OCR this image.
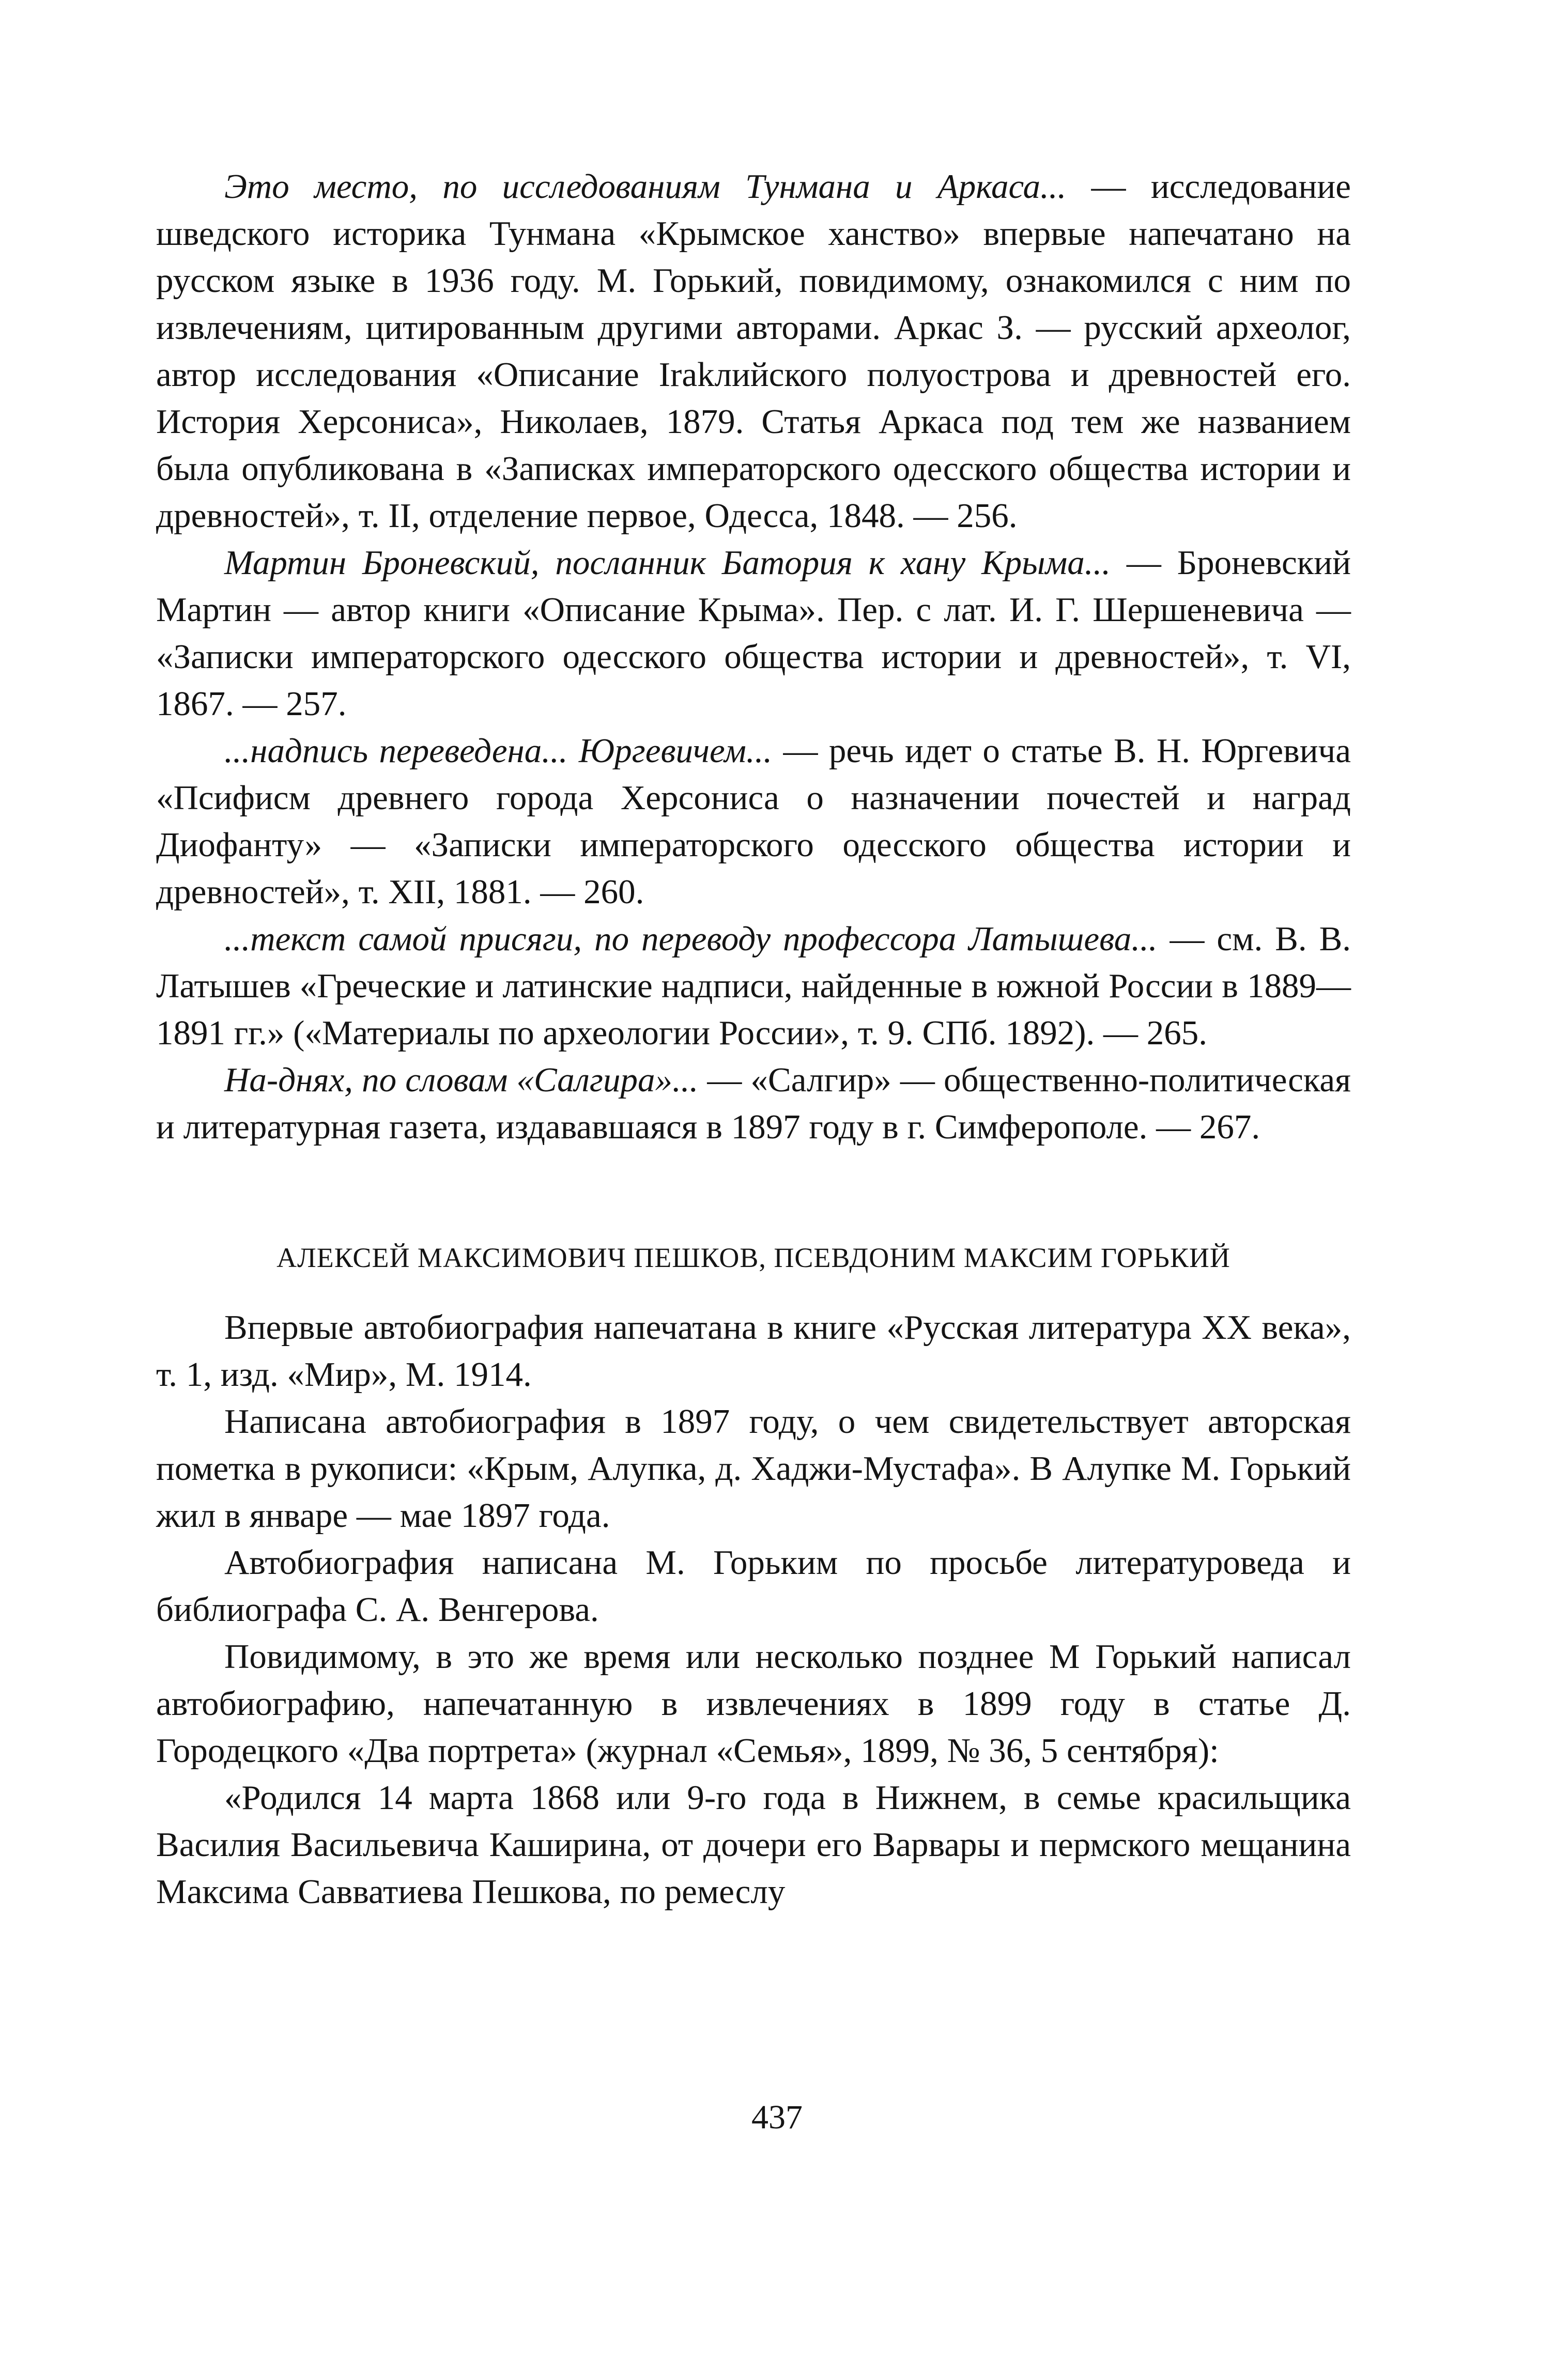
Это место, по исследованиям Тунмана и Аркаса... — исследование шведского историка Тунмана «Крымское ханство» впервые напечатано на русском языке в 1936 году. М. Горький, повидимому, ознакомился с ним по извлечениям, цитированным другими авторами. Аркас З. — русский археолог, автор исследования «Описание Irakлийского полуострова и древностей его. История Херсониса», Николаев, 1879. Статья Аркаса под тем же названием была опубликована в «Записках императорского одесского общества истории и древностей», т. II, отделение первое, Одесса, 1848. — 256.

Мартин Броневский, посланник Батория к хану Крыма... — Броневский Мартин — автор книги «Описание Крыма». Пер. с лат. И. Г. Шершеневича — «Записки императорского одесского общества истории и древностей», т. VI, 1867. — 257.

...надпись переведена... Юргевичем... — речь идет о статье В. Н. Юргевича «Псифисм древнего города Херсониса о назначении почестей и наград Диофанту» — «Записки императорского одесского общества истории и древностей», т. XII, 1881. — 260.

...текст самой присяги, по переводу профессора Латышева... — см. В. В. Латышев «Греческие и латинские надписи, найденные в южной России в 1889—1891 гг.» («Материалы по археологии России», т. 9. СПб. 1892). — 265.

На-днях, по словам «Салгира»... — «Салгир» — общественно-политическая и литературная газета, издававшаяся в 1897 году в г. Симферополе. — 267.

АЛЕКСЕЙ МАКСИМОВИЧ ПЕШКОВ, ПСЕВДОНИМ МАКСИМ ГОРЬКИЙ

Впервые автобиография напечатана в книге «Русская литература XX века», т. 1, изд. «Мир», М. 1914.

Написана автобиография в 1897 году, о чем свидетельствует авторская пометка в рукописи: «Крым, Алупка, д. Хаджи-Мустафа». В Алупке М. Горький жил в январе — мае 1897 года.

Автобиография написана М. Горьким по просьбе литературоведа и библиографа С. А. Венгерова.

Повидимому, в это же время или несколько позднее М Горький написал автобиографию, напечатанную в извлечениях в 1899 году в статье Д. Городецкого «Два портрета» (журнал «Семья», 1899, № 36, 5 сентября):

«Родился 14 марта 1868 или 9-го года в Нижнем, в семье красильщика Василия Васильевича Каширина, от дочери его Варвары и пермского мещанина Максима Савватиева Пешкова, по ремеслу

437
